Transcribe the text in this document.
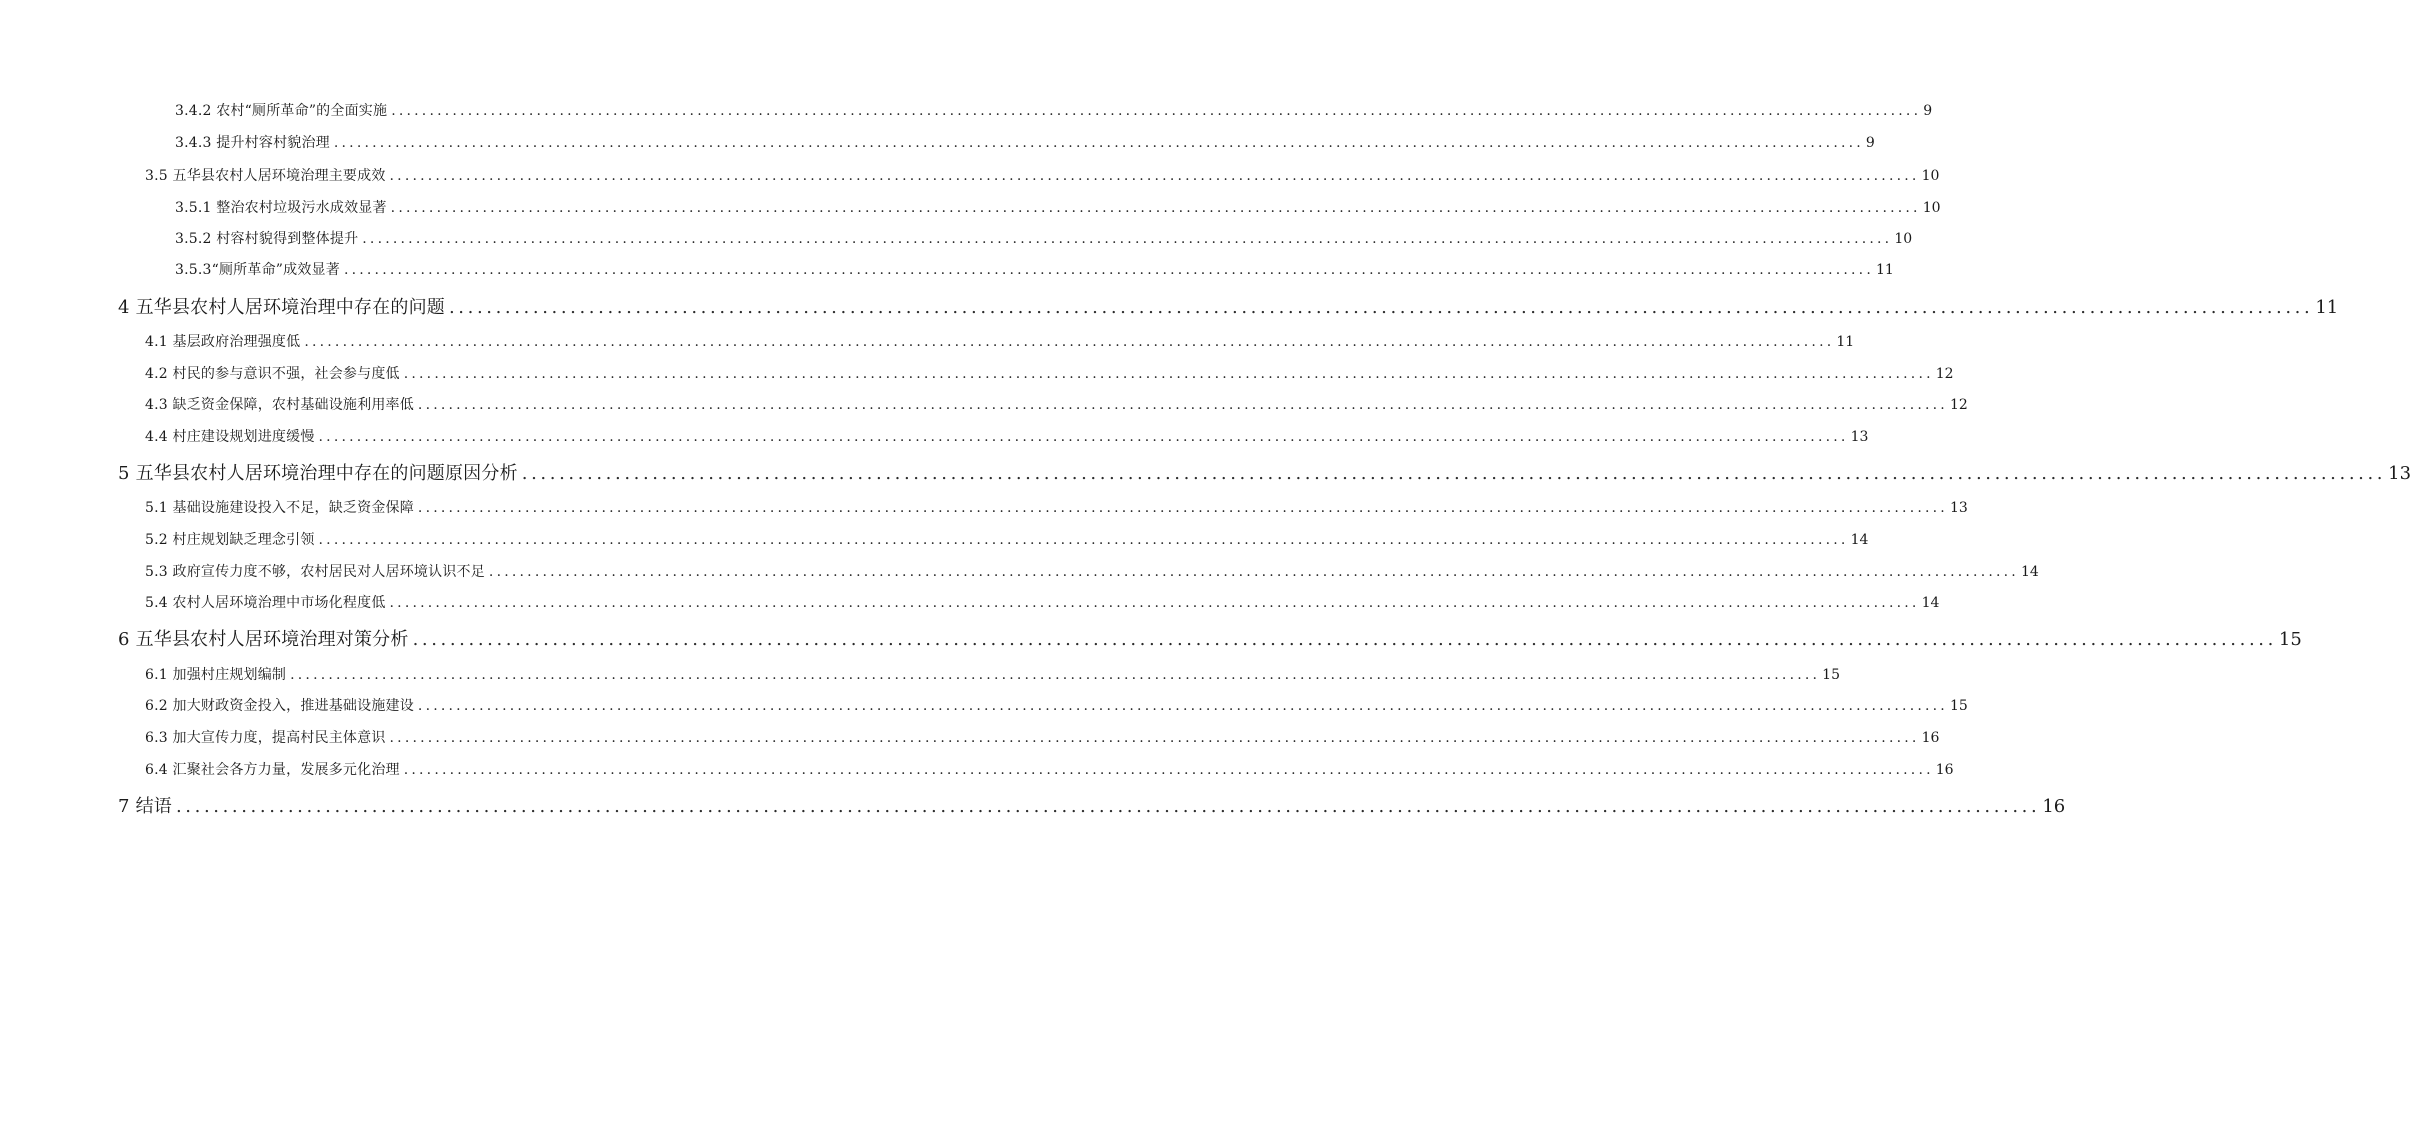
3.4.2 农村“厕所革命”的全面实施 ........................................................................................................................................................................................................ 9
3.4.3 提升村容村貌治理 ........................................................................................................................................................................................................ 9
3.5 五华县农村人居环境治理主要成效 ........................................................................................................................................................................................................ 10
3.5.1 整治农村垃圾污水成效显著 ........................................................................................................................................................................................................ 10
3.5.2 村容村貌得到整体提升 ........................................................................................................................................................................................................ 10
3.5.3“厕所革命”成效显著 ........................................................................................................................................................................................................ 11
4 五华县农村人居环境治理中存在的问题 ........................................................................................................................................................................................................ 11
4.1 基层政府治理强度低 ........................................................................................................................................................................................................ 11
4.2 村民的参与意识不强，社会参与度低 ........................................................................................................................................................................................................ 12
4.3 缺乏资金保障，农村基础设施利用率低 ........................................................................................................................................................................................................ 12
4.4 村庄建设规划进度缓慢 ........................................................................................................................................................................................................ 13
5 五华县农村人居环境治理中存在的问题原因分析 ........................................................................................................................................................................................................ 13
5.1 基础设施建设投入不足，缺乏资金保障 ........................................................................................................................................................................................................ 13
5.2 村庄规划缺乏理念引领 ........................................................................................................................................................................................................ 14
5.3 政府宣传力度不够，农村居民对人居环境认识不足 ........................................................................................................................................................................................................ 14
5.4 农村人居环境治理中市场化程度低 ........................................................................................................................................................................................................ 14
6 五华县农村人居环境治理对策分析 ........................................................................................................................................................................................................ 15
6.1 加强村庄规划编制 ........................................................................................................................................................................................................ 15
6.2 加大财政资金投入，推进基础设施建设 ........................................................................................................................................................................................................ 15
6.3 加大宣传力度，提高村民主体意识 ........................................................................................................................................................................................................ 16
6.4 汇聚社会各方力量，发展多元化治理 ........................................................................................................................................................................................................ 16
7 结语 ........................................................................................................................................................................................................ 16
